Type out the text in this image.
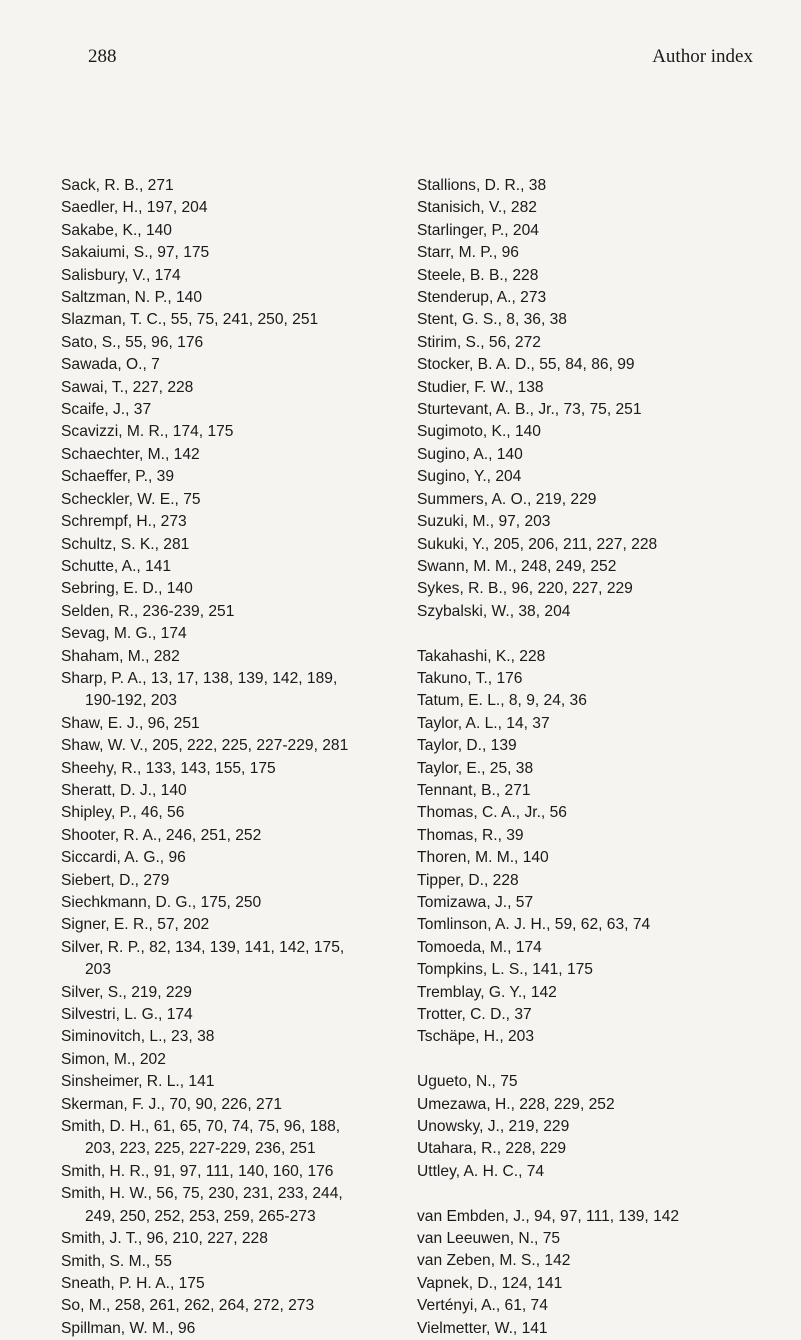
288	Author index
Sack, R. B., 271
Saedler, H., 197, 204
Sakabe, K., 140
Sakaiumi, S., 97, 175
Salisbury, V., 174
Saltzman, N. P., 140
Slazman, T. C., 55, 75, 241, 250, 251
Sato, S., 55, 96, 176
Sawada, O., 7
Sawai, T., 227, 228
Scaife, J., 37
Scavizzi, M. R., 174, 175
Schaechter, M., 142
Schaeffer, P., 39
Scheckler, W. E., 75
Schrempf, H., 273
Schultz, S. K., 281
Schutte, A., 141
Sebring, E. D., 140
Selden, R., 236-239, 251
Sevag, M. G., 174
Shaham, M., 282
Sharp, P. A., 13, 17, 138, 139, 142, 189,
190-192, 203
Shaw, E. J., 96, 251
Shaw, W. V., 205, 222, 225, 227-229, 281
Sheehy, R., 133, 143, 155, 175
Sheratt, D. J., 140
Shipley, P., 46, 56
Shooter, R. A., 246, 251, 252
Siccardi, A. G., 96
Siebert, D., 279
Siechkmann, D. G., 175, 250
Signer, E. R., 57, 202
Silver, R. P., 82, 134, 139, 141, 142, 175,
203
Silver, S., 219, 229
Silvestri, L. G., 174
Siminovitch, L., 23, 38
Simon, M., 202
Sinsheimer, R. L., 141
Skerman, F. J., 70, 90, 226, 271
Smith, D. H., 61, 65, 70, 74, 75, 96, 188,
203, 223, 225, 227-229, 236, 251
Smith, H. R., 91, 97, 111, 140, 160, 176
Smith, H. W., 56, 75, 230, 231, 233, 244,
249, 250, 252, 253, 259, 265-273
Smith, J. T., 96, 210, 227, 228
Smith, S. M., 55
Sneath, P. H. A., 175
So, M., 258, 261, 262, 264, 272, 273
Spillman, W. M., 96
Stallions, D. R., 38
Stanisich, V., 282
Starlinger, P., 204
Starr, M. P., 96
Steele, B. B., 228
Stenderup, A., 273
Stent, G. S., 8, 36, 38
Stirim, S., 56, 272
Stocker, B. A. D., 55, 84, 86, 99
Studier, F. W., 138
Sturtevant, A. B., Jr., 73, 75, 251
Sugimoto, K., 140
Sugino, A., 140
Sugino, Y., 204
Summers, A. O., 219, 229
Suzuki, M., 97, 203
Sukuki, Y., 205, 206, 211, 227, 228
Swann, M. M., 248, 249, 252
Sykes, R. B., 96, 220, 227, 229
Szybalski, W., 38, 204
Takahashi, K., 228
Takuno, T., 176
Tatum, E. L., 8, 9, 24, 36
Taylor, A. L., 14, 37
Taylor, D., 139
Taylor, E., 25, 38
Tennant, B., 271
Thomas, C. A., Jr., 56
Thomas, R., 39
Thoren, M. M., 140
Tipper, D., 228
Tomizawa, J., 57
Tomlinson, A. J. H., 59, 62, 63, 74
Tomoeda, M., 174
Tompkins, L. S., 141, 175
Tremblay, G. Y., 142
Trotter, C. D., 37
Tschäpe, H., 203
Ugueto, N., 75
Umezawa, H., 228, 229, 252
Unowsky, J., 219, 229
Utahara, R., 228, 229
Uttley, A. H. C., 74
van Embden, J., 94, 97, 111, 139, 142
van Leeuwen, N., 75
van Zeben, M. S., 142
Vapnek, D., 124, 141
Vertényi, A., 61, 74
Vielmetter, W., 141
